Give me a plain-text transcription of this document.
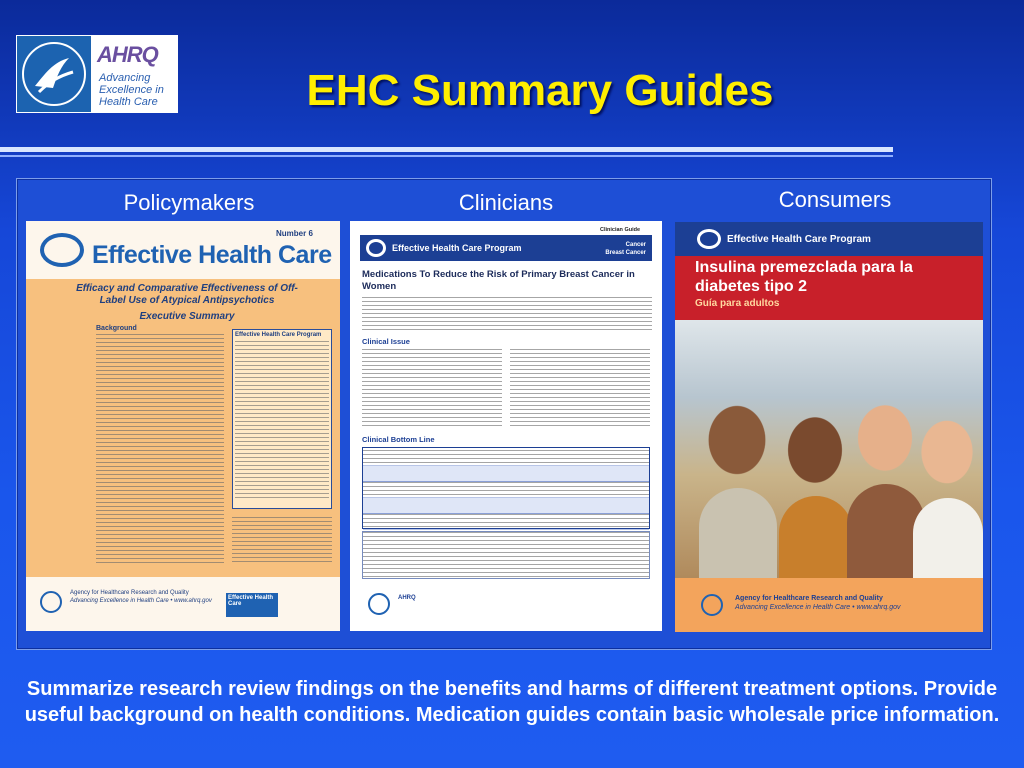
AHRQ
Advancing
Excellence in
Health Care	EHC Summary Guides
Policymakers	Clinicians	Consumers
Effective Health Care
Number 6
Efficacy and Comparative Effectiveness of Off-Label Use of Atypical Antipsychotics
Executive Summary
Background
Effective Health Care Program
Agency for Healthcare Research and Quality
Advancing Excellence in Health Care • www.ahrq.gov	Effective Health Care
Clinician Guide
Effective Health Care Program	Cancer
Breast Cancer
Medications To Reduce the Risk of Primary Breast Cancer in Women
Clinical Issue
Clinical Bottom Line
AHRQ
Effective Health Care Program
Insulina premezclada para la diabetes tipo 2
Guía para adultos
Agency for Healthcare Research and Quality
Advancing Excellence in Health Care • www.ahrq.gov
Summarize research review findings on the benefits and harms of different treatment options. Provide useful background on health conditions. Medication guides contain basic wholesale price information.
